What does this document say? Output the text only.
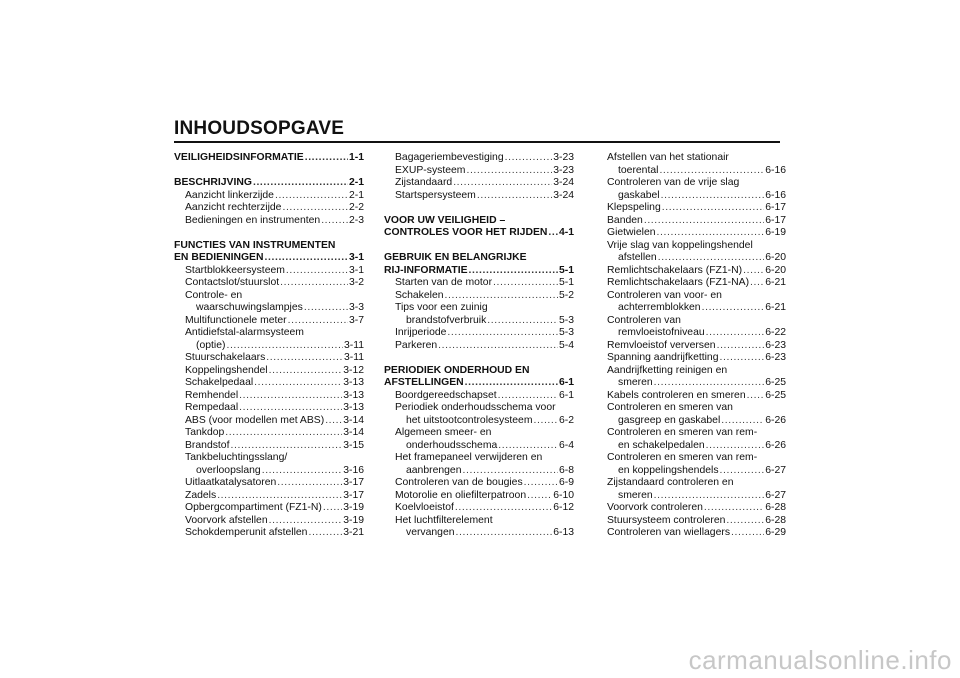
INHOUDSOPGAVE
VEILIGHEIDSINFORMATIE .....	1-1
BESCHRIJVING .....	2-1
Aanzicht linkerzijde .....	2-1
Aanzicht rechterzijde .....	2-2
Bedieningen en instrumenten .....	2-3
FUNCTIES VAN INSTRUMENTEN
EN BEDIENINGEN .....	3-1
Startblokkeersysteem .....	3-1
Contactslot/stuurslot .....	3-2
Controle- en
waarschuwingslampjes .....	3-3
Multifunctionele meter .....	3-7
Antidiefstal-alarmsysteem
(optie) .....	3-11
Stuurschakelaars .....	3-11
Koppelingshendel .....	3-12
Schakelpedaal .....	3-13
Remhendel .....	3-13
Rempedaal .....	3-13
ABS (voor modellen met ABS) ..... 3-14
Tankdop .....	3-14
Brandstof .....	3-15
Tankbeluchtingsslang/
overloopslang .....	3-16
Uitlaatkatalysatoren .....	3-17
Zadels .....	3-17
Opbergcompartiment (FZ1-N) ..... 3-19
Voorvork afstellen .....	3-19
Schokdemperunit afstellen .....	3-21
Bagageriembevestiging .....	3-23
EXUP-systeem .....	3-23
Zijstandaard .....	3-24
Startspersysteem .....	3-24
VOOR UW VEILIGHEID –
CONTROLES VOOR HET RIJDEN ..... 4-1
GEBRUIK EN BELANGRIJKE
RIJ-INFORMATIE .....	5-1
Starten van de motor .....	5-1
Schakelen .....	5-2
Tips voor een zuinig
brandstofverbruik .....	5-3
Inrijperiode .....	5-3
Parkeren .....	5-4
PERIODIEK ONDERHOUD EN
AFSTELLINGEN .....	6-1
Boordgereedschapset .....	6-1
Periodiek onderhoudsschema voor
het uitstootcontrolesysteem .....	6-2
Algemeen smeer- en
onderhoudsschema .....	6-4
Het framepaneel verwijderen en
aanbrengen .....	6-8
Controleren van de bougies .....	6-9
Motorolie en oliefilterpatroon .....	6-10
Koelvloeistof .....	6-12
Het luchtfilterelement
vervangen .....	6-13
Afstellen van het stationair
toerental .....	6-16
Controleren van de vrije slag
gaskabel .....	6-16
Klepspeling .....	6-17
Banden .....	6-17
Gietwielen .....	6-19
Vrije slag van koppelingshendel
afstellen .....	6-20
Remlichtschakelaars (FZ1-N) ..... 6-20
Remlichtschakelaars (FZ1-NA) ..... 6-21
Controleren van voor- en
achterremblokken .....	6-21
Controleren van
remvloeistofniveau .....	6-22
Remvloeistof verversen .....	6-23
Spanning aandrijfketting .....	6-23
Aandrijfketting reinigen en
smeren .....	6-25
Kabels controleren en smeren ..... 6-25
Controleren en smeren van
gasgreep en gaskabel .....	6-26
Controleren en smeren van rem-
en schakelpedalen .....	6-26
Controleren en smeren van rem-
en koppelingshendels .....	6-27
Zijstandaard controleren en
smeren .....	6-27
Voorvork controleren .....	6-28
Stuursysteem controleren .....	6-28
Controleren van wiellagers .....	6-29
carmanualsonline.info
